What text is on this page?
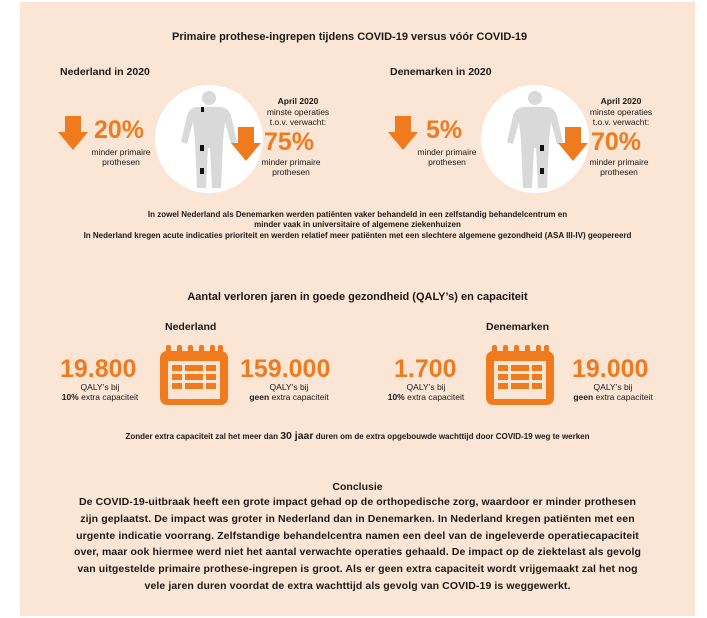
Primaire prothese-ingrepen tijdens COVID-19 versus vóór COVID-19
Nederland in 2020
20%
minder primaire prothesen
April 2020
minste operaties t.o.v. verwacht:
75%
minder primaire prothesen
Denemarken in 2020
5%
minder primaire prothesen
April 2020
minste operaties t.o.v. verwacht:
70%
minder primaire prothesen
In zowel Nederland als Denemarken werden patiënten vaker behandeld in een zelfstandig behandelcentrum en
minder vaak in universitaire of algemene ziekenhuizen
In Nederland kregen acute indicaties prioriteit en werden relatief meer patiënten met een slechtere algemene gezondheid (ASA III-IV) geopereerd
Aantal verloren jaren in goede gezondheid (QALY’s) en capaciteit
Nederland
19.800
QALY’s bij
10% extra capaciteit
159.000
QALY’s bij
geen extra capaciteit
Denemarken
1.700
QALY’s bij
10% extra capaciteit
19.000
QALY’s bij
geen extra capaciteit
Zonder extra capaciteit zal het meer dan 30 jaar duren om de extra opgebouwde wachttijd door COVID-19 weg te werken
Conclusie
De COVID-19-uitbraak heeft een grote impact gehad op de orthopedische zorg, waardoor er minder prothesen
zijn geplaatst. De impact was groter in Nederland dan in Denemarken. In Nederland kregen patiënten met een
urgente indicatie voorrang. Zelfstandige behandelcentra namen een deel van de ingeleverde operatiecapaciteit
over, maar ook hiermee werd niet het aantal verwachte operaties gehaald. De impact op de ziektelast als gevolg
van uitgestelde primaire prothese-ingrepen is groot. Als er geen extra capaciteit wordt vrijgemaakt zal het nog
vele jaren duren voordat de extra wachttijd als gevolg van COVID-19 is weggewerkt.
